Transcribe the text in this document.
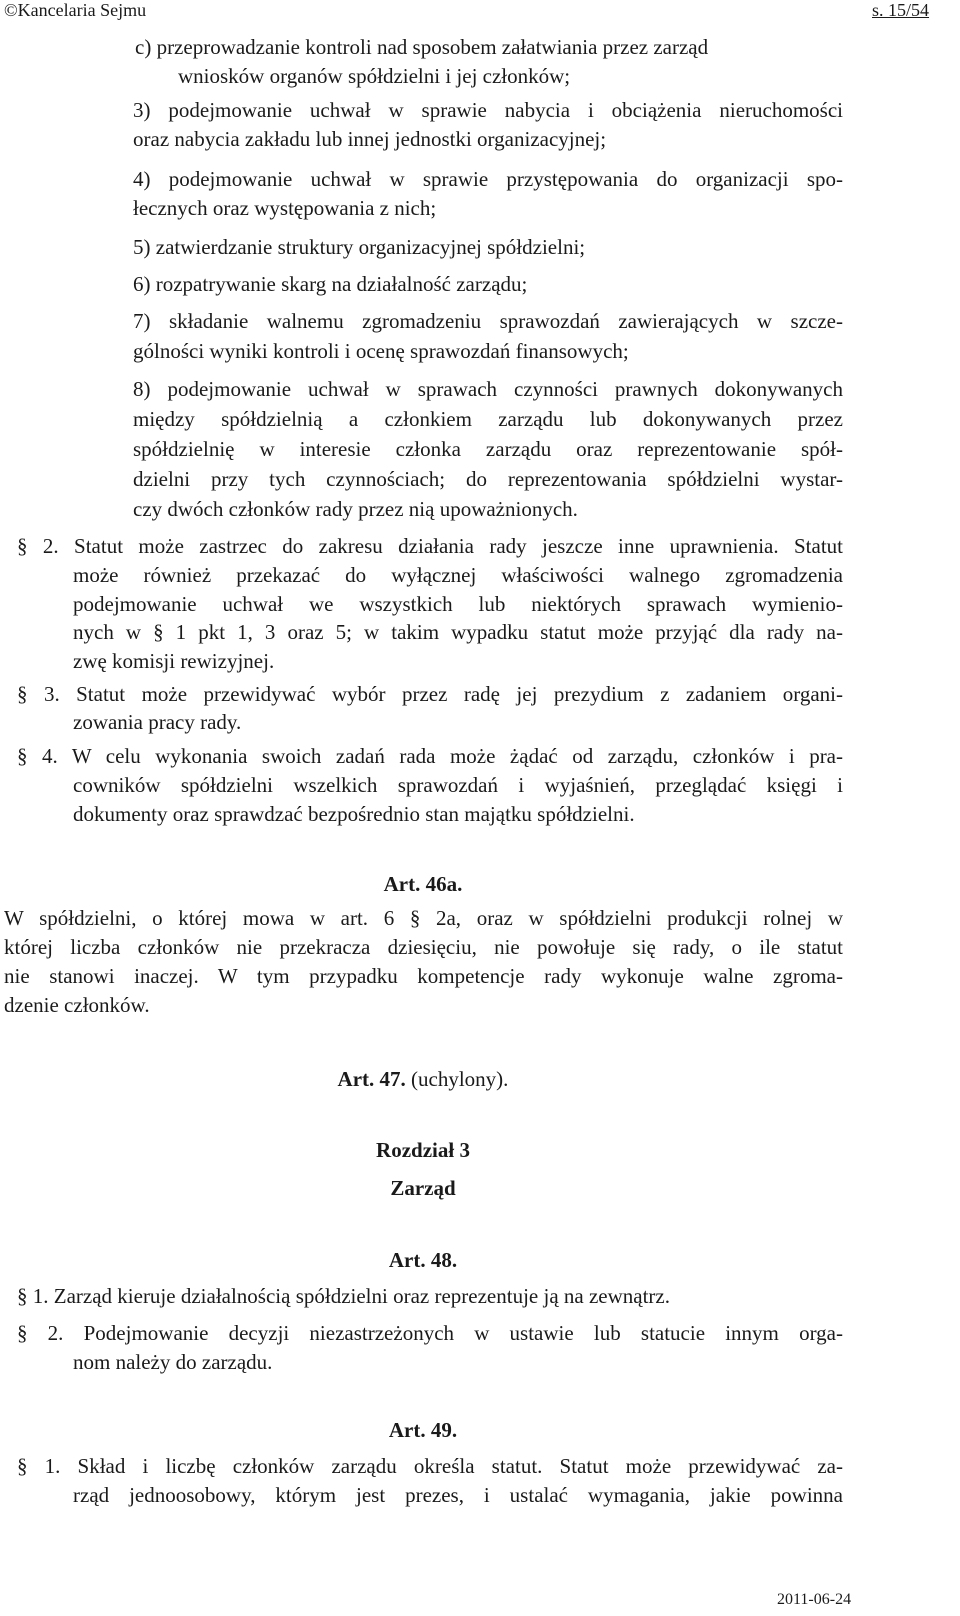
©Kancelaria Sejmu	s. 15/54
c) przeprowadzanie kontroli nad sposobem załatwiania przez zarząd
wniosków organów spółdzielni i jej członków;
3) podejmowanie uchwał w sprawie nabycia i obciążenia nieruchomości
oraz nabycia zakładu lub innej jednostki organizacyjnej;
4) podejmowanie uchwał w sprawie przystępowania do organizacji spo-
łecznych oraz występowania z nich;
5) zatwierdzanie struktury organizacyjnej spółdzielni;
6) rozpatrywanie skarg na działalność zarządu;
7) składanie walnemu zgromadzeniu sprawozdań zawierających w szcze-
gólności wyniki kontroli i ocenę sprawozdań finansowych;
8) podejmowanie uchwał w sprawach czynności prawnych dokonywanych
między spółdzielnią a członkiem zarządu lub dokonywanych przez
spółdzielnię w interesie członka zarządu oraz reprezentowanie spół-
dzielni przy tych czynnościach; do reprezentowania spółdzielni wystar-
czy dwóch członków rady przez nią upoważnionych.
§ 2. Statut może zastrzec do zakresu działania rady jeszcze inne uprawnienia. Statut
może również przekazać do wyłącznej właściwości walnego zgromadzenia
podejmowanie uchwał we wszystkich lub niektórych sprawach wymienio-
nych w § 1 pkt 1, 3 oraz 5; w takim wypadku statut może przyjąć dla rady na-
zwę komisji rewizyjnej.
§ 3. Statut może przewidywać wybór przez radę jej prezydium z zadaniem organi-
zowania pracy rady.
§ 4. W celu wykonania swoich zadań rada może żądać od zarządu, członków i pra-
cowników spółdzielni wszelkich sprawozdań i wyjaśnień, przeglądać księgi i
dokumenty oraz sprawdzać bezpośrednio stan majątku spółdzielni.
Art. 46a.
W spółdzielni, o której mowa w art. 6 § 2a, oraz w spółdzielni produkcji rolnej w
której liczba członków nie przekracza dziesięciu, nie powołuje się rady, o ile statut
nie stanowi inaczej. W tym przypadku kompetencje rady wykonuje walne zgroma-
dzenie członków.
Art. 47. (uchylony).
Rozdział 3
Zarząd
Art. 48.
§ 1. Zarząd kieruje działalnością spółdzielni oraz reprezentuje ją na zewnątrz.
§ 2. Podejmowanie decyzji niezastrzeżonych w ustawie lub statucie innym orga-
nom należy do zarządu.
Art. 49.
§ 1. Skład i liczbę członków zarządu określa statut. Statut może przewidywać za-
rząd jednoosobowy, którym jest prezes, i ustalać wymagania, jakie powinna
2011-06-24
